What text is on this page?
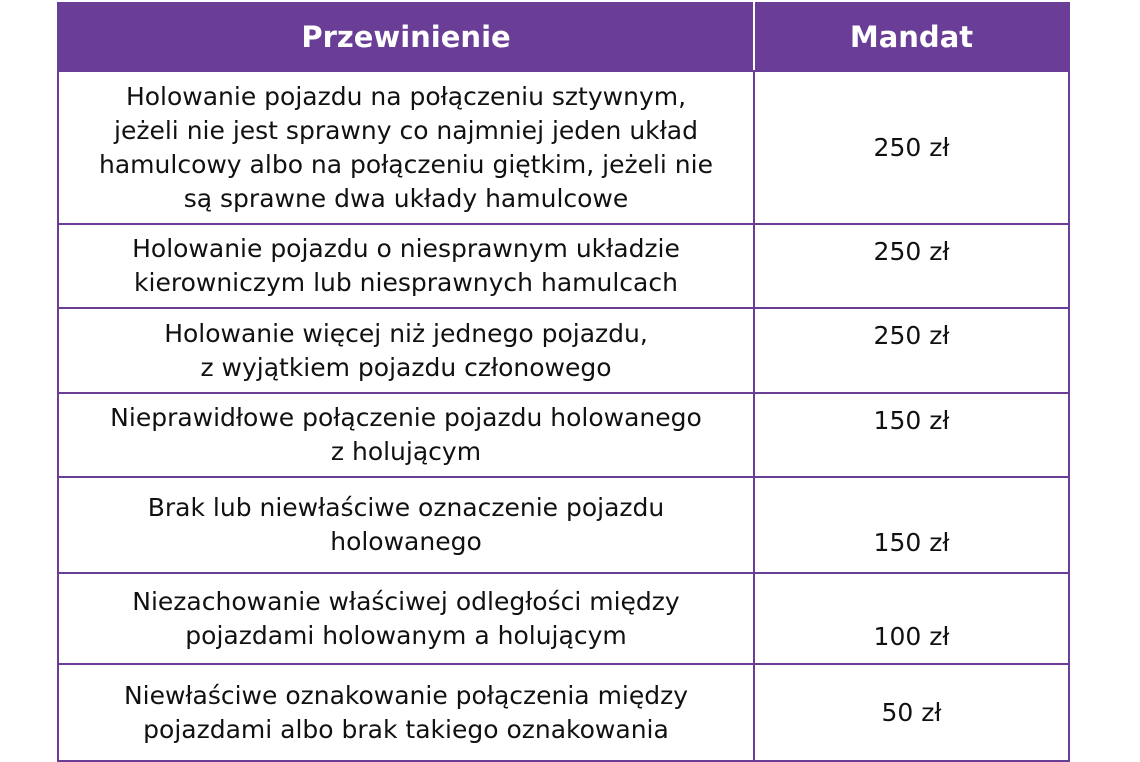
Przewinienie	Mandat
Holowanie pojazdu na połączeniu sztywnym,
jeżeli nie jest sprawny co najmniej jeden układ
hamulcowy albo na połączeniu giętkim, jeżeli nie
są sprawne dwa układy hamulcowe	250 zł
Holowanie pojazdu o niesprawnym układzie
kierowniczym lub niesprawnych hamulcach	250 zł
Holowanie więcej niż jednego pojazdu,
z wyjątkiem pojazdu członowego	250 zł
Nieprawidłowe połączenie pojazdu holowanego
z holującym	150 zł
Brak lub niewłaściwe oznaczenie pojazdu
holowanego	150 zł
Niezachowanie właściwej odległości między
pojazdami holowanym a holującym	100 zł
Niewłaściwe oznakowanie połączenia między
pojazdami albo brak takiego oznakowania	50 zł
